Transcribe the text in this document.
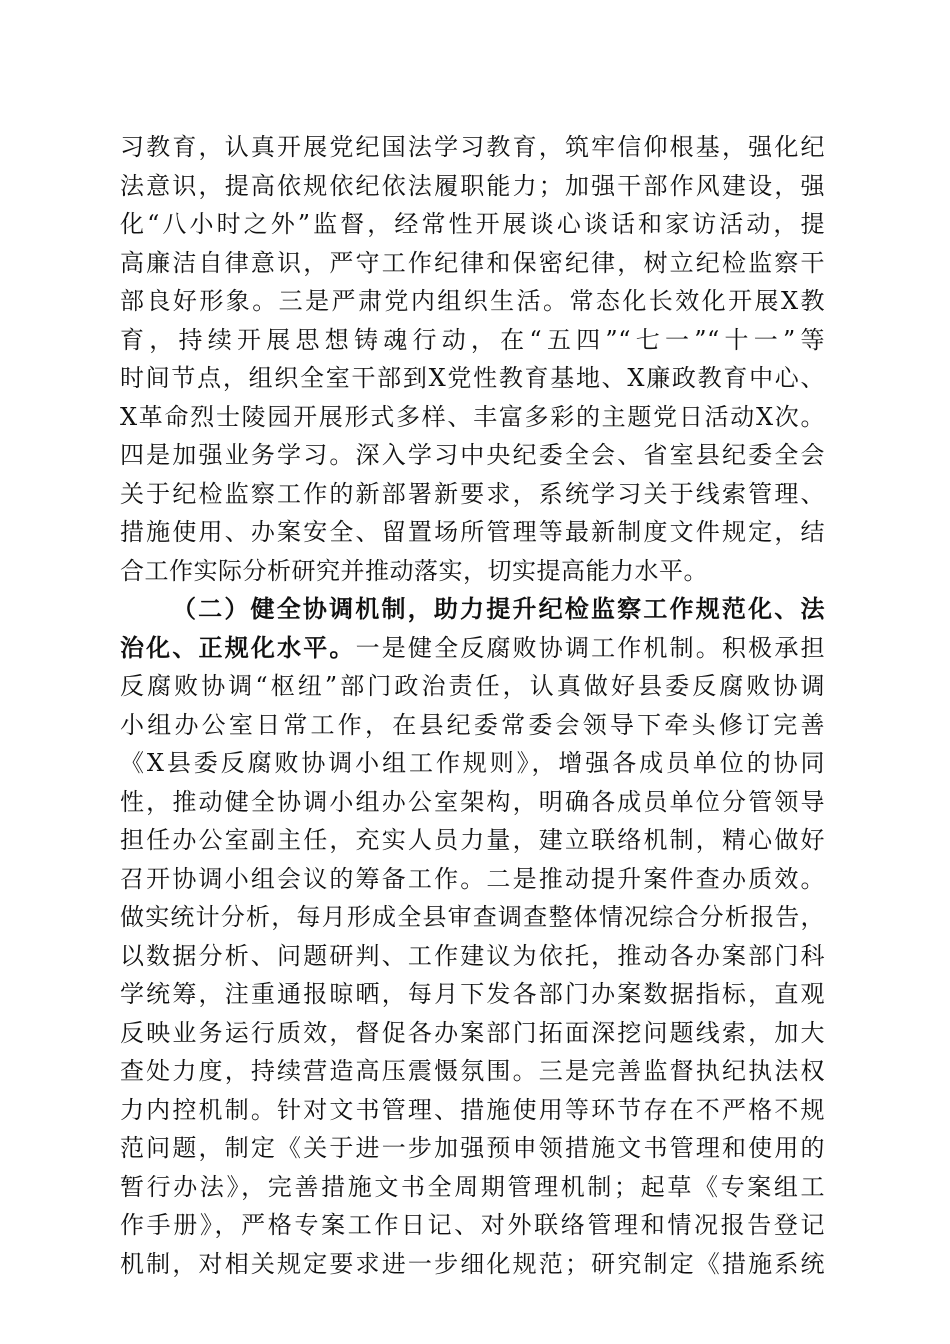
习教育，认真开展党纪国法学习教育，筑牢信仰根基，强化纪
法意识，提高依规依纪依法履职能力；加强干部作风建设，强
化“八小时之外”监督，经常性开展谈心谈话和家访活动，提
高廉洁自律意识，严守工作纪律和保密纪律，树立纪检监察干
部良好形象。三是严肃党内组织生活。常态化长效化开展X教
育，持续开展思想铸魂行动，在“五四”“七一”“十一”等
时间节点，组织全室干部到X党性教育基地、X廉政教育中心、
X革命烈士陵园开展形式多样、丰富多彩的主题党日活动X次。
四是加强业务学习。深入学习中央纪委全会、省室县纪委全会
关于纪检监察工作的新部署新要求，系统学习关于线索管理、
措施使用、办案安全、留置场所管理等最新制度文件规定，结
合工作实际分析研究并推动落实，切实提高能力水平。
（二）健全协调机制，助力提升纪检监察工作规范化、法
治化、正规化水平。一是健全反腐败协调工作机制。积极承担
反腐败协调“枢纽”部门政治责任，认真做好县委反腐败协调
小组办公室日常工作，在县纪委常委会领导下牵头修订完善
《X县委反腐败协调小组工作规则》，增强各成员单位的协同
性，推动健全协调小组办公室架构，明确各成员单位分管领导
担任办公室副主任，充实人员力量，建立联络机制，精心做好
召开协调小组会议的筹备工作。二是推动提升案件查办质效。
做实统计分析，每月形成全县审查调查整体情况综合分析报告，
以数据分析、问题研判、工作建议为依托，推动各办案部门科
学统筹，注重通报晾晒，每月下发各部门办案数据指标，直观
反映业务运行质效，督促各办案部门拓面深挖问题线索，加大
查处力度，持续营造高压震慑氛围。三是完善监督执纪执法权
力内控机制。针对文书管理、措施使用等环节存在不严格不规
范问题，制定《关于进一步加强预申领措施文书管理和使用的
暂行办法》，完善措施文书全周期管理机制；起草《专案组工
作手册》，严格专案工作日记、对外联络管理和情况报告登记
机制，对相关规定要求进一步细化规范；研究制定《措施系统
